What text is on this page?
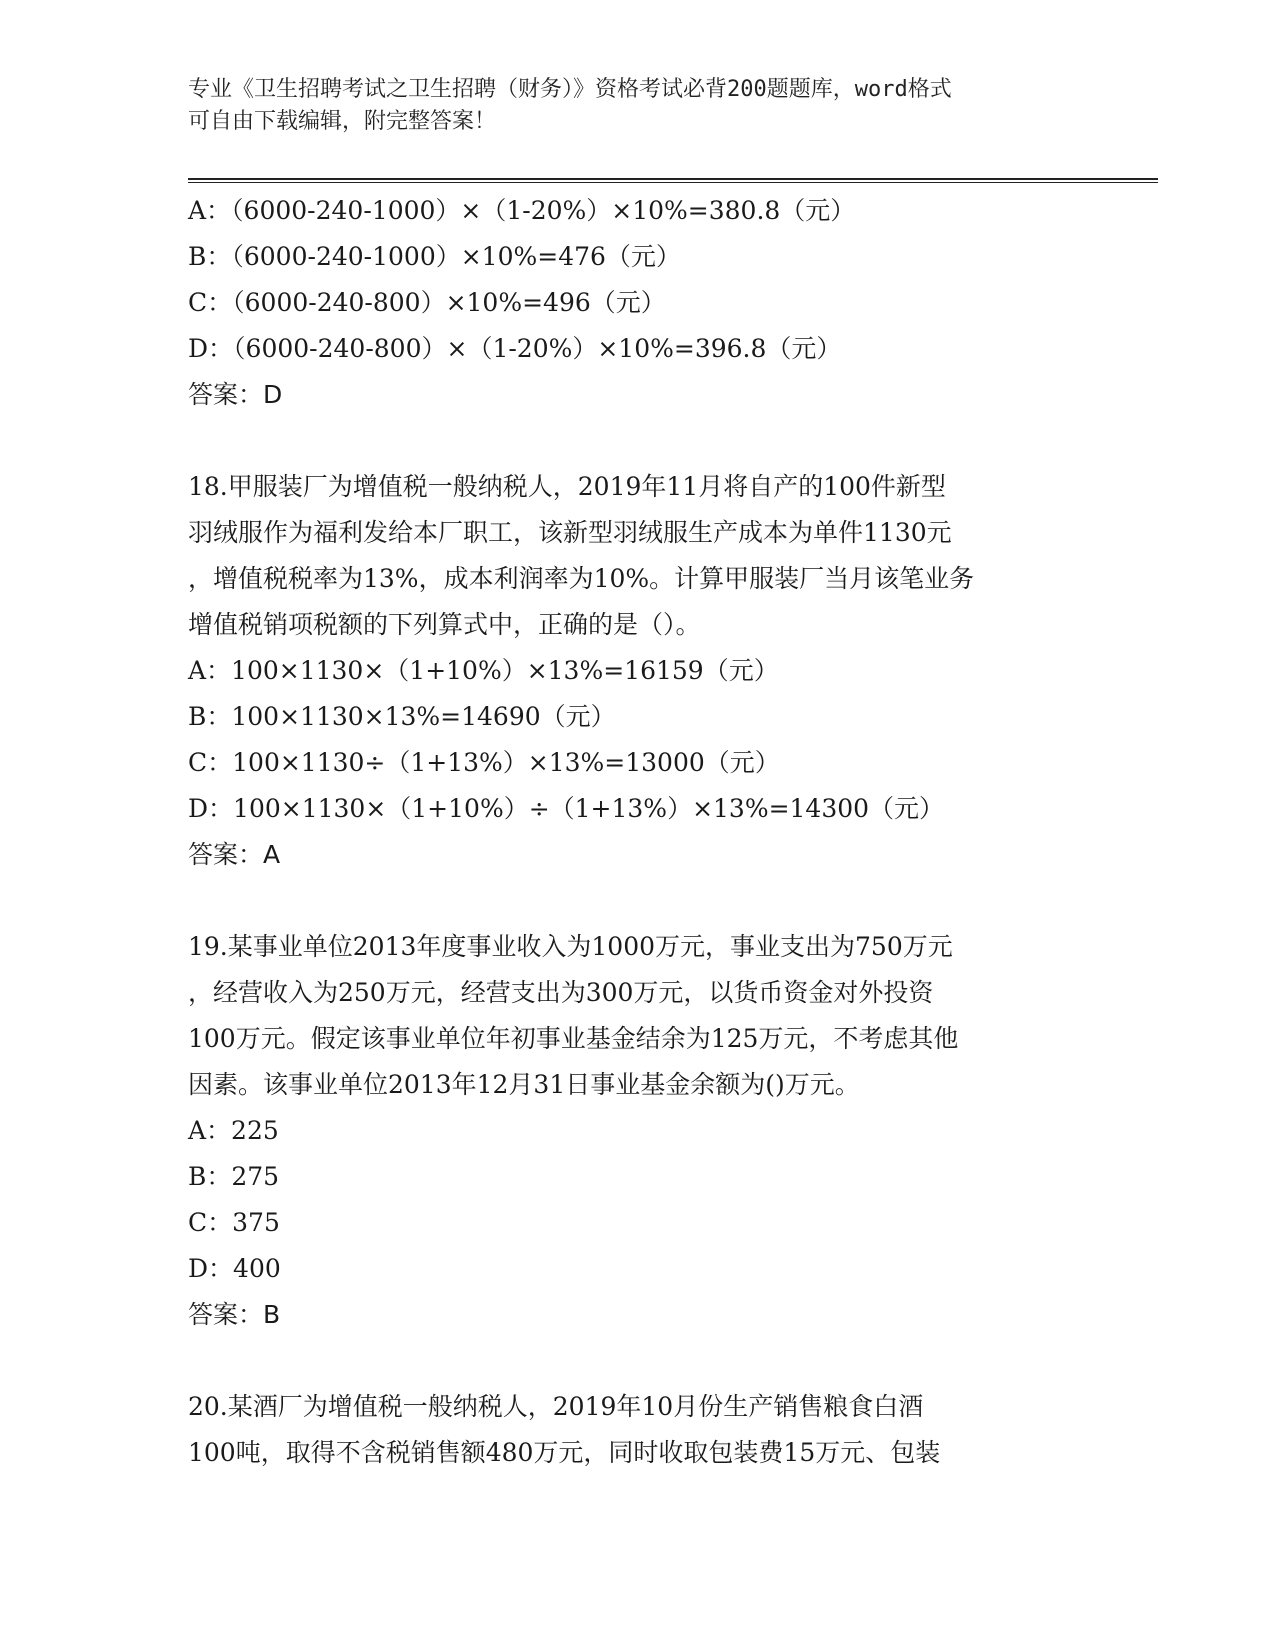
专业《卫生招聘考试之卫生招聘（财务）》资格考试必背200题题库，word格式
可自由下载编辑，附完整答案！
A：（6000-240-1000）×（1-20%）×10%=380.8（元）
B：（6000-240-1000）×10%=476（元）
C：（6000-240-800）×10%=496（元）
D：（6000-240-800）×（1-20%）×10%=396.8（元）
答案：D
18.甲服装厂为增值税一般纳税人，2019年11月将自产的100件新型
羽绒服作为福利发给本厂职工，该新型羽绒服生产成本为单件1130元
，增值税税率为13%，成本利润率为10%。计算甲服装厂当月该笔业务
增值税销项税额的下列算式中，正确的是（）。
A：100×1130×（1+10%）×13%=16159（元）
B：100×1130×13%=14690（元）
C：100×1130÷（1+13%）×13%=13000（元）
D：100×1130×（1+10%）÷（1+13%）×13%=14300（元）
答案：A
19.某事业单位2013年度事业收入为1000万元，事业支出为750万元
，经营收入为250万元，经营支出为300万元，以货币资金对外投资
100万元。假定该事业单位年初事业基金结余为125万元，不考虑其他
因素。该事业单位2013年12月31日事业基金余额为()万元。
A：225
B：275
C：375
D：400
答案：B
20.某酒厂为增值税一般纳税人，2019年10月份生产销售粮食白酒
100吨，取得不含税销售额480万元，同时收取包装费15万元、包装
